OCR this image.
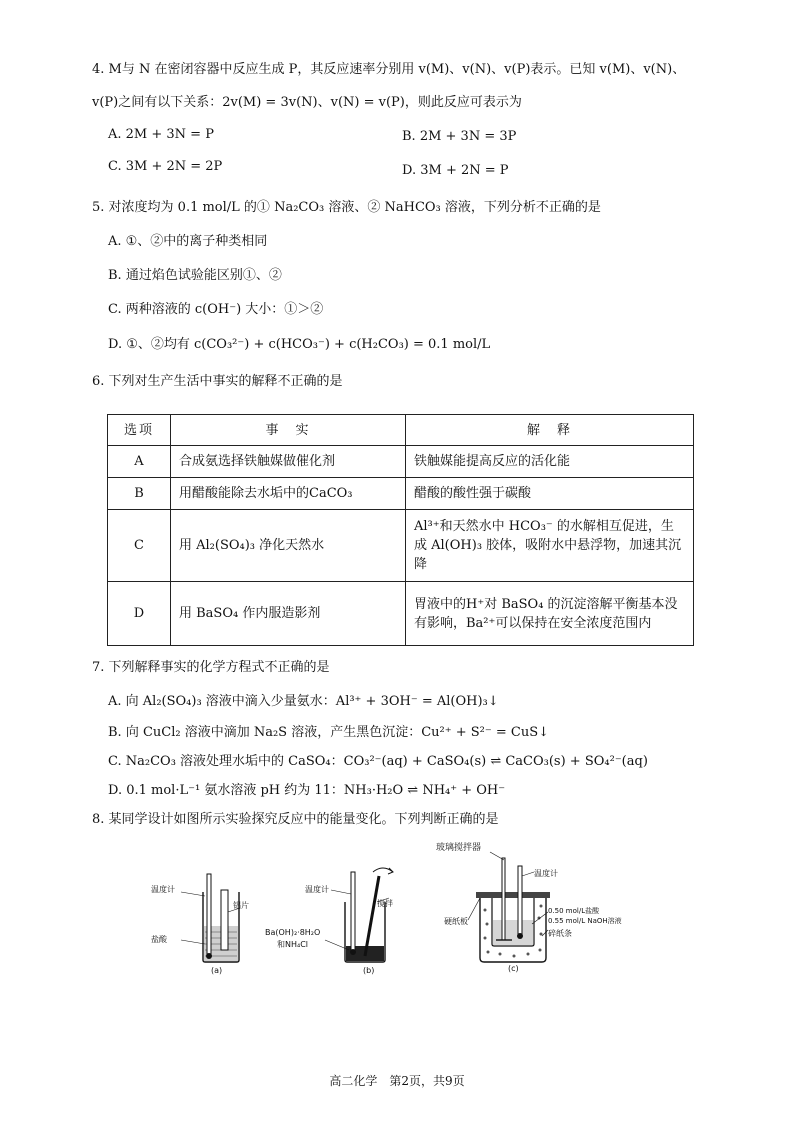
4. M与 N 在密闭容器中反应生成 P，其反应速率分别用 v(M)、v(N)、v(P)表示。已知 v(M)、v(N)、
v(P)之间有以下关系：2v(M) = 3v(N)、v(N) = v(P)，则此反应可表示为
A. 2M + 3N = P	B. 2M + 3N = 3P
C. 3M + 2N = 2P	D. 3M + 2N = P
5. 对浓度均为 0.1 mol/L 的① Na₂CO₃ 溶液、② NaHCO₃ 溶液，下列分析不正确的是
A. ①、②中的离子种类相同
B. 通过焰色试验能区别①、②
C. 两种溶液的 c(OH⁻) 大小：①＞②
D. ①、②均有 c(CO₃²⁻) + c(HCO₃⁻) + c(H₂CO₃) = 0.1 mol/L
6. 下列对生产生活中事实的解释不正确的是
选项	事　实	解　释
A	合成氨选择铁触媒做催化剂	铁触媒能提高反应的活化能
B	用醋酸能除去水垢中的CaCO₃	醋酸的酸性强于碳酸
C	用 Al₂(SO₄)₃ 净化天然水	Al³⁺和天然水中 HCO₃⁻ 的水解相互促进，生成 Al(OH)₃ 胶体，吸附水中悬浮物，加速其沉降
D	用 BaSO₄ 作内服造影剂	胃液中的H⁺对 BaSO₄ 的沉淀溶解平衡基本没有影响，Ba²⁺可以保持在安全浓度范围内
7. 下列解释事实的化学方程式不正确的是
A. 向 Al₂(SO₄)₃ 溶液中滴入少量氨水：Al³⁺ + 3OH⁻ = Al(OH)₃↓
B. 向 CuCl₂ 溶液中滴加 Na₂S 溶液，产生黑色沉淀：Cu²⁺ + S²⁻ = CuS↓
C. Na₂CO₃ 溶液处理水垢中的 CaSO₄：CO₃²⁻(aq) + CaSO₄(s) ⇌ CaCO₃(s) + SO₄²⁻(aq)
D. 0.1 mol·L⁻¹ 氨水溶液 pH 约为 11：NH₃·H₂O ⇌ NH₄⁺ + OH⁻
8. 某同学设计如图所示实验探究反应中的能量变化。下列判断正确的是
温度计
铝片
盐酸
(a)
温度计
搅拌
Ba(OH)₂·8H₂O
和NH₄Cl
(b)
玻璃搅拌器
温度计
硬纸板
0.50 mol/L盐酸
0.55 mol/L NaOH溶液
碎纸条
(c)
高二化学　第2页，共9页
